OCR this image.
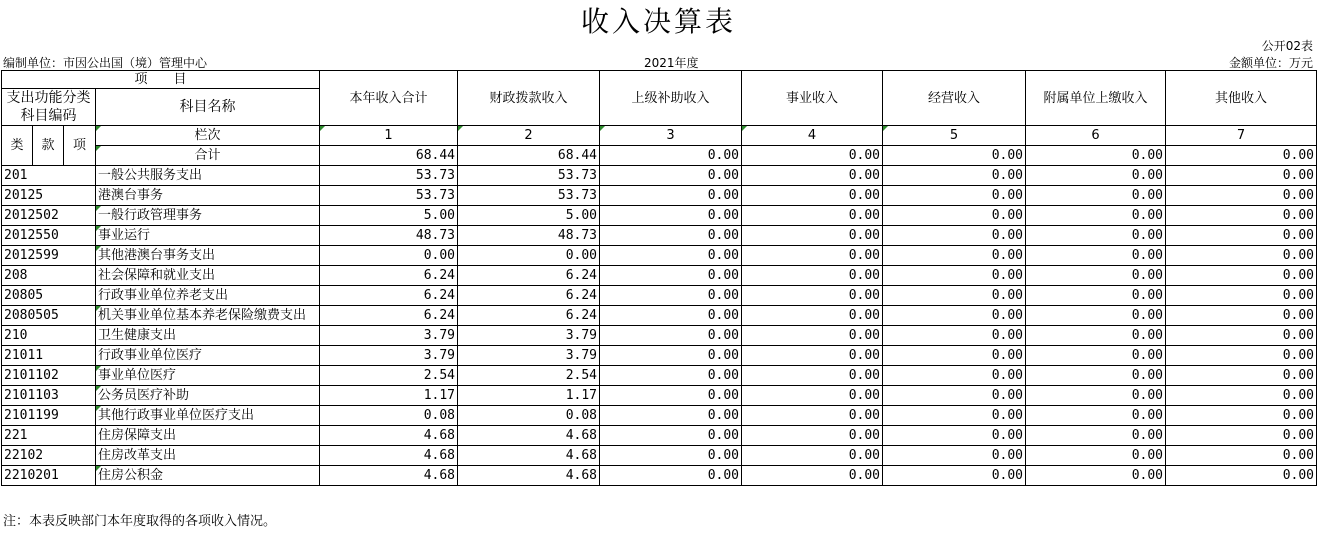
收入决算表
公开02表
编制单位：市因公出国（境）管理中心	2021年度	金额单位：万元
项　　目				本年收入合计	财政拨款收入	上级补助收入	事业收入	经营收入	附属单位上缴收入	其他收入
支出功能分类科目编码			科目名称							

类	款	项	栏次	1	2	3	4	5	6	7
			合计	68.44	68.44	0.00	0.00	0.00	0.00	0.00
201			一般公共服务支出	53.73	53.73	0.00	0.00	0.00	0.00	0.00
20125			港澳台事务	53.73	53.73	0.00	0.00	0.00	0.00	0.00
2012502			一般行政管理事务	5.00	5.00	0.00	0.00	0.00	0.00	0.00
2012550			事业运行	48.73	48.73	0.00	0.00	0.00	0.00	0.00
2012599			其他港澳台事务支出	0.00	0.00	0.00	0.00	0.00	0.00	0.00
208			社会保障和就业支出	6.24	6.24	0.00	0.00	0.00	0.00	0.00
20805			行政事业单位养老支出	6.24	6.24	0.00	0.00	0.00	0.00	0.00
2080505			机关事业单位基本养老保险缴费支出	6.24	6.24	0.00	0.00	0.00	0.00	0.00
210			卫生健康支出	3.79	3.79	0.00	0.00	0.00	0.00	0.00
21011			行政事业单位医疗	3.79	3.79	0.00	0.00	0.00	0.00	0.00
2101102			事业单位医疗	2.54	2.54	0.00	0.00	0.00	0.00	0.00
2101103			公务员医疗补助	1.17	1.17	0.00	0.00	0.00	0.00	0.00
2101199			其他行政事业单位医疗支出	0.08	0.08	0.00	0.00	0.00	0.00	0.00
221			住房保障支出	4.68	4.68	0.00	0.00	0.00	0.00	0.00
22102			住房改革支出	4.68	4.68	0.00	0.00	0.00	0.00	0.00
2210201			住房公积金	4.68	4.68	0.00	0.00	0.00	0.00	0.00
注：本表反映部门本年度取得的各项收入情况。
